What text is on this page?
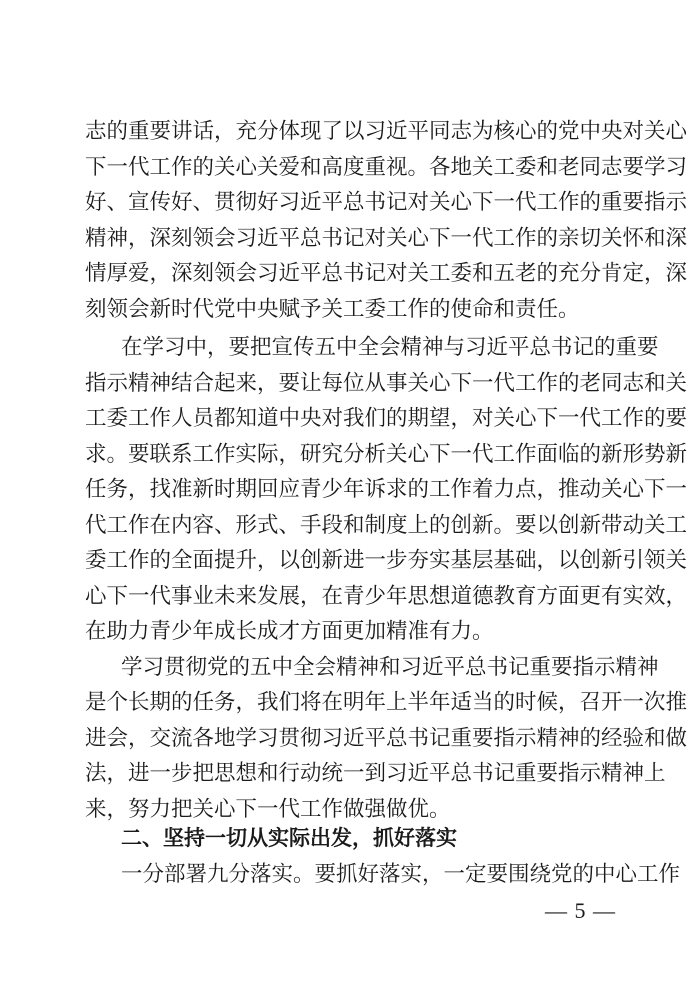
志的重要讲话，充分体现了以习近平同志为核心的党中央对关心
下一代工作的关心关爱和高度重视。各地关工委和老同志要学习
好、宣传好、贯彻好习近平总书记对关心下一代工作的重要指示
精神，深刻领会习近平总书记对关心下一代工作的亲切关怀和深
情厚爱，深刻领会习近平总书记对关工委和五老的充分肯定，深
刻领会新时代党中央赋予关工委工作的使命和责任。
在学习中，要把宣传五中全会精神与习近平总书记的重要
指示精神结合起来，要让每位从事关心下一代工作的老同志和关
工委工作人员都知道中央对我们的期望，对关心下一代工作的要
求。要联系工作实际，研究分析关心下一代工作面临的新形势新
任务，找准新时期回应青少年诉求的工作着力点，推动关心下一
代工作在内容、形式、手段和制度上的创新。要以创新带动关工
委工作的全面提升，以创新进一步夯实基层基础，以创新引领关
心下一代事业未来发展，在青少年思想道德教育方面更有实效，
在助力青少年成长成才方面更加精准有力。
学习贯彻党的五中全会精神和习近平总书记重要指示精神
是个长期的任务，我们将在明年上半年适当的时候，召开一次推
进会，交流各地学习贯彻习近平总书记重要指示精神的经验和做
法，进一步把思想和行动统一到习近平总书记重要指示精神上
来，努力把关心下一代工作做强做优。
二、坚持一切从实际出发，抓好落实
一分部署九分落实。要抓好落实，一定要围绕党的中心工作
— 5 —
